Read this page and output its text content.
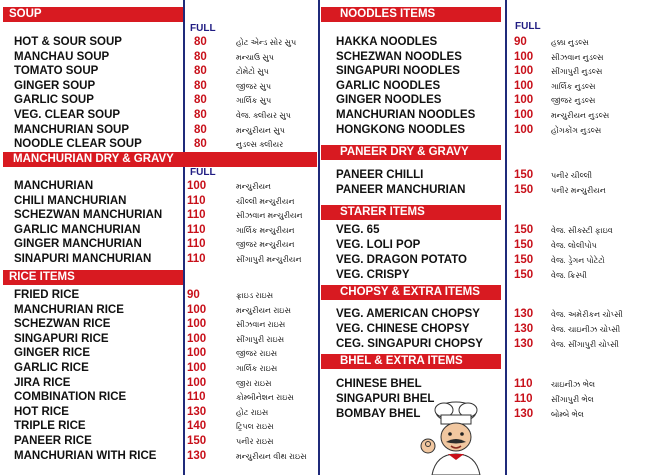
SOUP
FULL
HOT & SOUR SOUP	80	હોટ એન્ડ સોર સુપ
MANCHAU SOUP	80	મન્ચાઉ સુપ
TOMATO SOUP	80	ટોમેટો સુપ
GINGER SOUP	80	જીંજર સુપ
GARLIC SOUP	80	ગાર્લિક સુપ
VEG. CLEAR SOUP	80	વેજ. ક્લીયર સુપ
MANCHURIAN SOUP	80	મન્ચુરીયન સુપ
NOODLE CLEAR SOUP	80	નુડલ્સ ક્લીયર
MANCHURIAN DRY & GRAVY
FULL
MANCHURIAN	100	મન્ચુરીયન
CHILI MANCHURIAN	110	ચીલ્લી મન્ચુરીયન
SCHEZWAN MANCHURIAN 110	સીઝવાન મન્ચુરીયન
GARLIC MANCHURIAN	110	ગાર્લિક મન્ચુરીયન
GINGER MANCHURIAN	110	જીંજર મન્ચુરીયન
SINAPURI MANCHURIAN	110	સીંગાપુરી મન્ચુરીયન
RICE ITEMS
FRIED RICE	90	ફ્રાઇડ રાઇસ
MANCHURIAN RICE	100	મન્ચુરીયન રાઇસ
SCHEZWAN RICE	100	સીઝવાન રાઇસ
SINGAPURI RICE	100	સીંગાપુરી રાઇસ
GINGER RICE	100	જીંજર રાઇસ
GARLIC RICE	100	ગાર્લિક રાઇસ
JIRA RICE	100	જીરા રાઇસ
COMBINATION RICE	110	કોમ્બીનેશન રાઇસ
HOT RICE	130	હોટ રાઇસ
TRIPLE RICE	140	ટ્રિપલ રાઇસ
PANEER RICE	150	પનીર રાઇસ
MANCHURIAN WITH RICE	130	મન્ચુરીયન વીથ રાઇસ
NOODLES ITEMS
FULL
HAKKA NOODLES	90	હક્કા નુડલ્સ
SCHEZWAN NOODLES	100 સીઝવાન નુડલ્સ
SINGAPURI NOODLES	100 સીંગાપુરી નુડલ્સ
GARLIC NOODLES	100 ગાર્લિક નુડલ્સ
GINGER NOODLES	100 જીંજર નુડલ્સ
MANCHURIAN NOODLES	100 મન્ચુરીયન નુડલ્સ
HONGKONG NOODLES	100 હોંગકોંગ નુડલ્સ
PANEER DRY & GRAVY
PANEER CHILLI	150 પનીર ચીલ્લી
PANEER MANCHURIAN	150 પનીર મન્ચુરીયન
STARER ITEMS
VEG. 65	150 વેજ. સીક્સ્ટી ફાઇવ
VEG. LOLI POP	150 વેજ. લોલીપોપ
VEG. DRAGON POTATO	150 વેજ. ડ્રેગન પોટેટો
VEG. CRISPY	150 વેજ. ક્રિસ્પી
CHOPSY & EXTRA ITEMS
VEG. AMERICAN CHOPSY	130 વેજ. અમેરીકન ચોપ્સી
VEG. CHINESE CHOPSY	130 વેજ. ચાઇનીઝ ચોપ્સી
CEG. SINGAPURI CHOPSY	130 વેજ. સીંગાપુરી ચોપ્સી
BHEL & EXTRA ITEMS
CHINESE BHEL	110 ચાઇનીઝ ભેલ
SINGAPURI BHEL	110 સીંગાપુરી ભેલ
BOMBAY BHEL	130 બોમ્બે ભેલ
